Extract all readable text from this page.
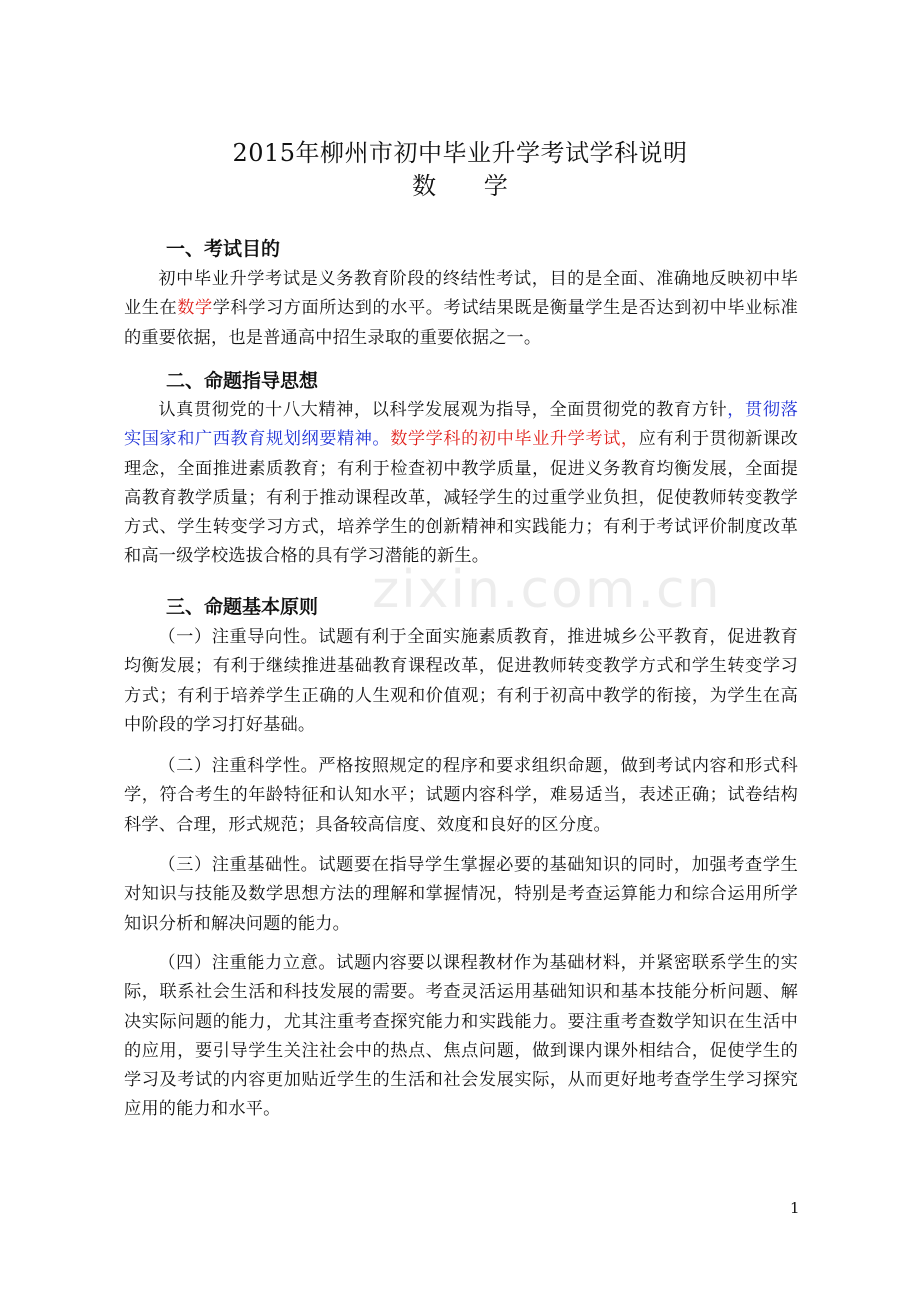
2015年柳州市初中毕业升学考试学科说明
数 学
一、考试目的
初中毕业升学考试是义务教育阶段的终结性考试，目的是全面、准确地反映初中毕业生在数学学科学习方面所达到的水平。考试结果既是衡量学生是否达到初中毕业标准的重要依据，也是普通高中招生录取的重要依据之一。
二、命题指导思想
认真贯彻党的十八大精神，以科学发展观为指导，全面贯彻党的教育方针，贯彻落实国家和广西教育规划纲要精神。数学学科的初中毕业升学考试，应有利于贯彻新课改理念，全面推进素质教育；有利于检查初中教学质量，促进义务教育均衡发展，全面提高教育教学质量；有利于推动课程改革，减轻学生的过重学业负担，促使教师转变教学方式、学生转变学习方式，培养学生的创新精神和实践能力；有利于考试评价制度改革和高一级学校选拔合格的具有学习潜能的新生。
三、命题基本原则
（一）注重导向性。试题有利于全面实施素质教育，推进城乡公平教育，促进教育均衡发展；有利于继续推进基础教育课程改革，促进教师转变教学方式和学生转变学习方式；有利于培养学生正确的人生观和价值观；有利于初高中教学的衔接，为学生在高中阶段的学习打好基础。
（二）注重科学性。严格按照规定的程序和要求组织命题，做到考试内容和形式科学，符合考生的年龄特征和认知水平；试题内容科学，难易适当，表述正确；试卷结构科学、合理，形式规范；具备较高信度、效度和良好的区分度。
（三）注重基础性。试题要在指导学生掌握必要的基础知识的同时，加强考查学生对知识与技能及数学思想方法的理解和掌握情况，特别是考查运算能力和综合运用所学知识分析和解决问题的能力。
（四）注重能力立意。试题内容要以课程教材作为基础材料，并紧密联系学生的实际，联系社会生活和科技发展的需要。考查灵活运用基础知识和基本技能分析问题、解决实际问题的能力，尤其注重考查探究能力和实践能力。要注重考查数学知识在生活中的应用，要引导学生关注社会中的热点、焦点问题，做到课内课外相结合，促使学生的学习及考试的内容更加贴近学生的生活和社会发展实际，从而更好地考查学生学习探究应用的能力和水平。
zixin.com.cn
1
